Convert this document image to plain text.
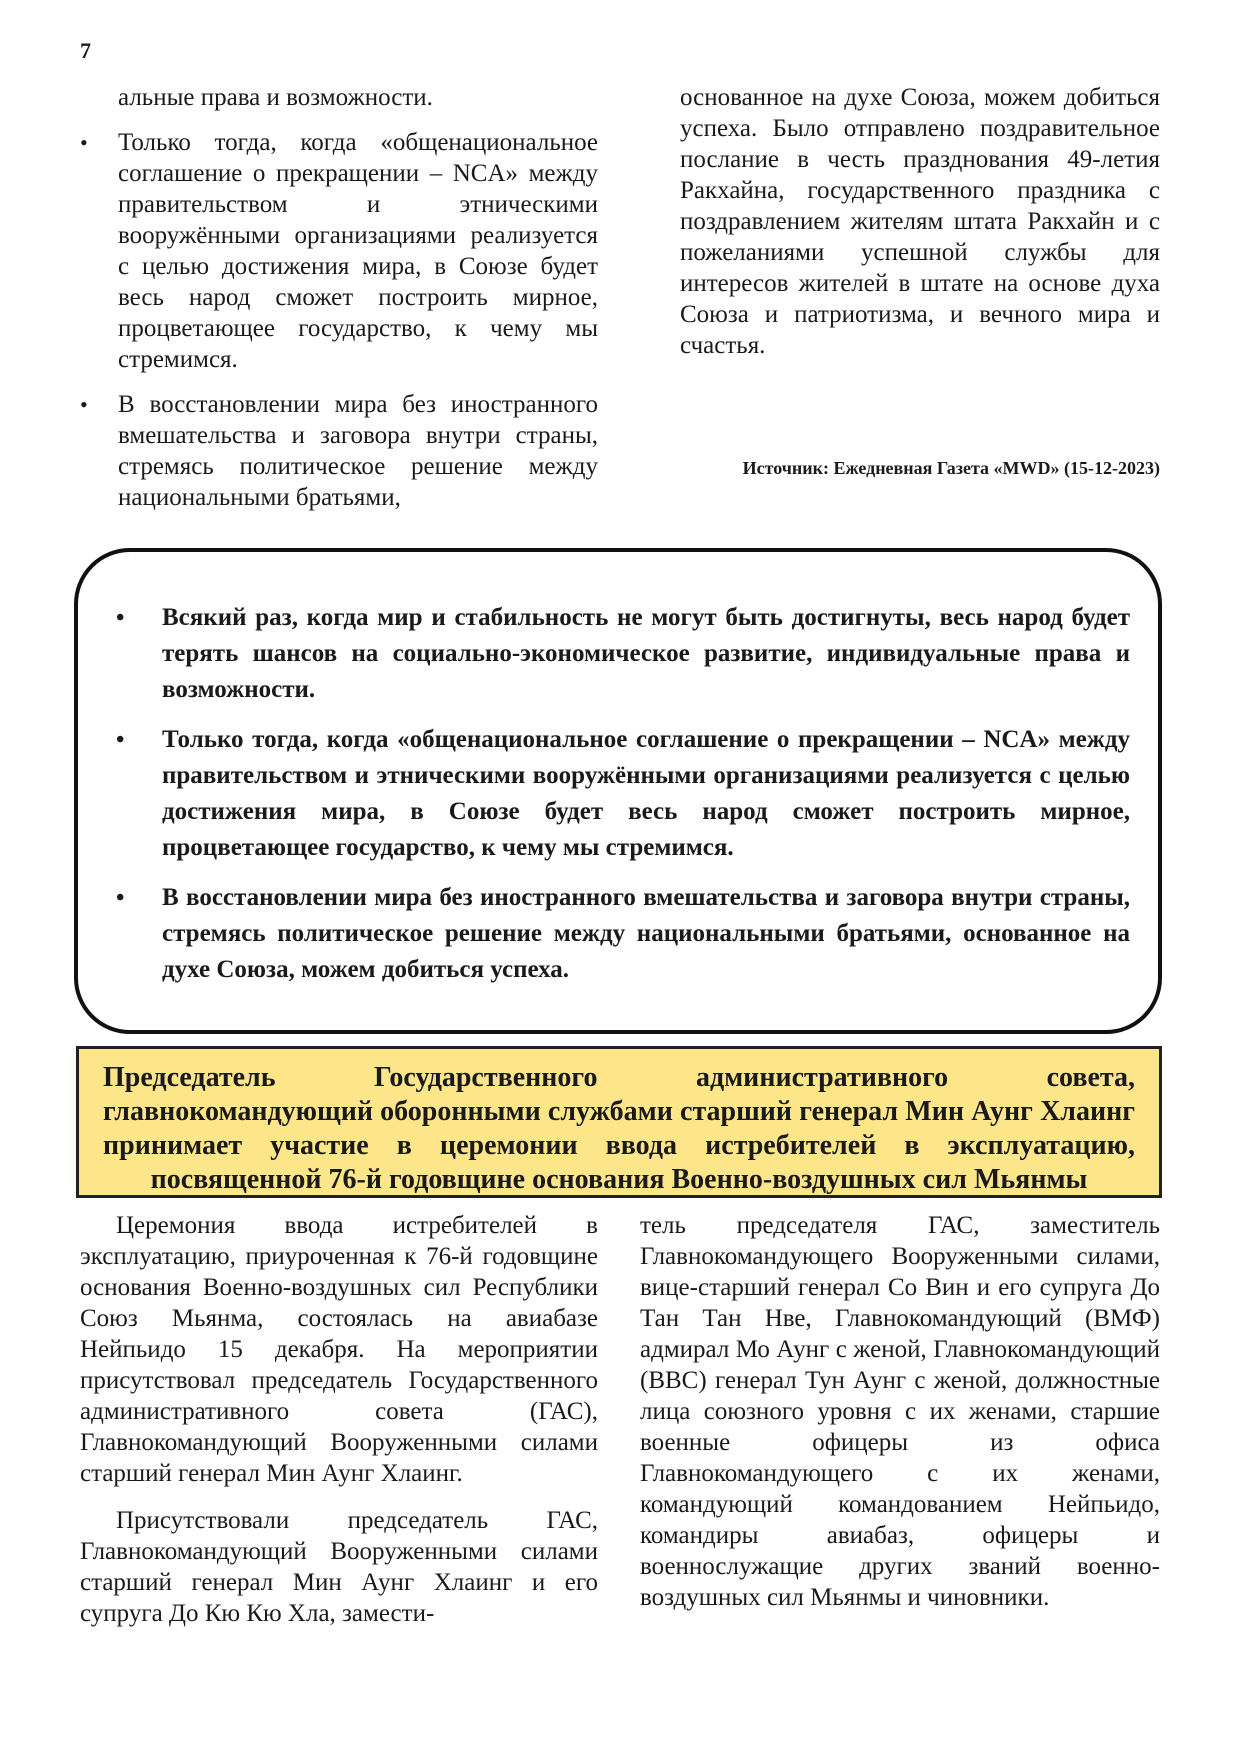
7
альные права и возможности.
• Только тогда, когда «общенациональное соглашение о прекращении – NCA» между правительством и этническими вооружёнными организациями реализуется с целью достижения мира, в Союзе будет весь народ сможет построить мирное, процветающее государство, к чему мы стремимся.
• В восстановлении мира без иностранного вмешательства и заговора внутри страны, стремясь политическое решение между национальными братьями,

основанное на духе Союза, можем добиться успеха. Было отправлено поздравительное послание в честь празднования 49-летия Ракхайна, государственного праздника с поздравлением жителям штата Ракхайн и с пожеланиями успешной службы для интересов жителей в штате на основе духа Союза и патриотизма, и вечного мира и счастья.

Источник: Ежедневная Газета «MWD» (15-12-2023)
• Всякий раз, когда мир и стабильность не могут быть достигнуты, весь народ будет терять шансов на социально-экономическое развитие, индивидуальные права и возможности.
• Только тогда, когда «общенациональное соглашение о прекращении – NCA» между правительством и этническими вооружёнными организациями реализуется с целью достижения мира, в Союзе будет весь народ сможет построить мирное, процветающее государство, к чему мы стремимся.
• В восстановлении мира без иностранного вмешательства и заговора внутри страны, стремясь политическое решение между национальными братьями, основанное на духе Союза, можем добиться успеха.
Председатель Государственного административного совета, главнокомандующий оборонными службами старший генерал Мин Аунг Хлаинг принимает участие в церемонии ввода истребителей в эксплуатацию, посвященной 76-й годовщине основания Военно-воздушных сил Мьянмы

Церемония ввода истребителей в эксплуатацию, приуроченная к 76-й годовщине основания Военно-воздушных сил Республики Союз Мьянма, состоялась на авиабазе Нейпьидо 15 декабря. На мероприятии присутствовал председатель Государственного административного совета (ГАС), Главнокомандующий Вооруженными силами старший генерал Мин Аунг Хлаинг.

Присутствовали председатель ГАС, Главнокомандующий Вооруженными силами старший генерал Мин Аунг Хлаинг и его супруга До Кю Кю Хла, замести-

тель председателя ГАС, заместитель Главнокомандующего Вооруженными силами, вице-старший генерал Со Вин и его супруга До Тан Тан Нве, Главнокомандующий (ВМФ) адмирал Мо Аунг с женой, Главнокомандующий (ВВС) генерал Тун Аунг с женой, должностные лица союзного уровня с их женами, старшие военные офицеры из офиса Главнокомандующего с их женами, командующий командованием Нейпьидо, командиры авиабаз, офицеры и военнослужащие других званий военно-воздушных сил Мьянмы и чиновники.
